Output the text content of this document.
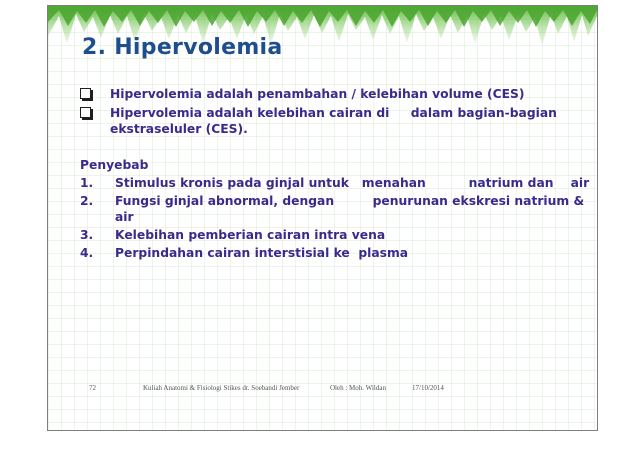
2. Hipervolemia
Hipervolemia adalah penambahan / kelebihan volume (CES)
Hipervolemia adalah kelebihan cairan di     dalam bagian-bagian ekstraseluler (CES).
Penyebab
1.	Stimulus kronis pada ginjal untuk   menahan          natrium dan    air
2.	Fungsi ginjal abnormal, dengan         penurunan ekskresi natrium &      air
3.	Kelebihan pemberian cairan intra vena
4.	Perpindahan cairan interstisial ke  plasma
72	Kuliah Anatomi & Fisiologi Stikes dr. Soebandi Jember	Oleh : Moh. Wildan	17/10/2014
